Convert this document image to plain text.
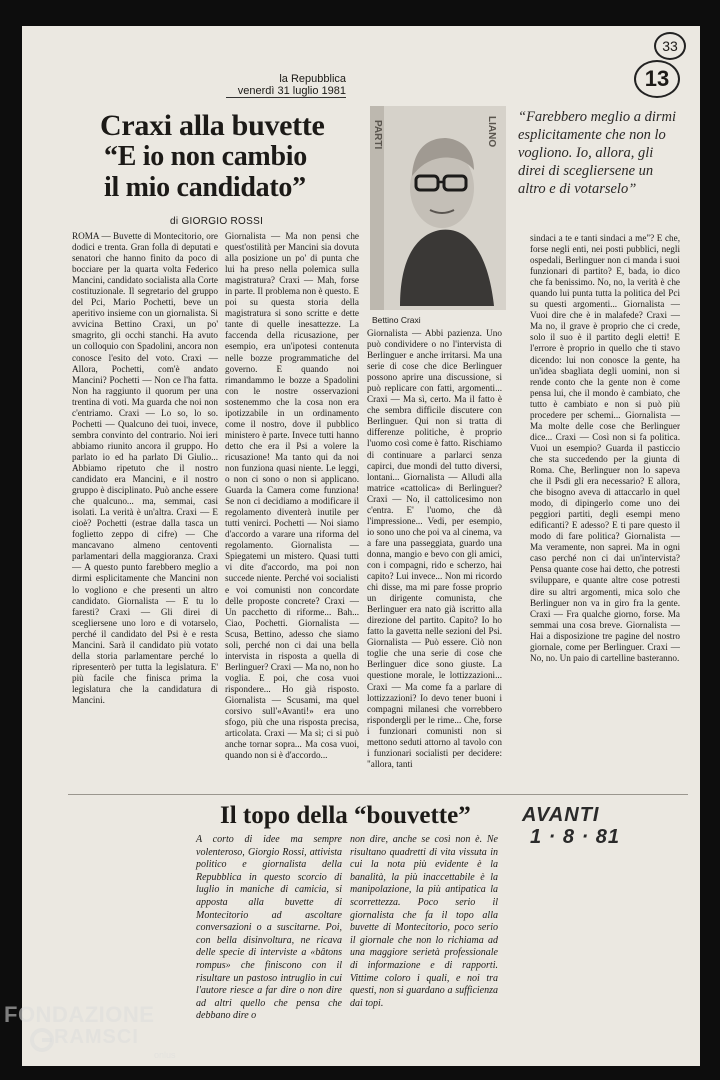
33
13
la Repubblica
venerdì 31 luglio 1981
Craxi alla buvette
“E io non cambio
il mio candidato”
di GIORGIO ROSSI
PARTI	LIANO
Bettino Craxi
“Farebbero meglio a dirmi esplicitamente che non lo vogliono. Io, allora, gli direi di scegliersene un altro e di votarselo”

ROMA — Buvette di Montecitorio, ore dodici e trenta. Gran folla di deputati e senatori che hanno finito da poco di bocciare per la quarta volta Federico Mancini, candidato socialista alla Corte costituzionale. Il segretario del gruppo del Pci, Mario Pochetti, beve un aperitivo insieme con un giornalista. Si avvicina Bettino Craxi, un po' smagrito, gli occhi stanchi. Ha avuto un colloquio con Spadolini, ancora non conosce l'esito del voto. Craxi — Allora, Pochetti, com'è andato Mancini? Pochetti — Non ce l'ha fatta. Non ha raggiunto il quorum per una trentina di voti. Ma guarda che noi non c'entriamo. Craxi — Lo so, lo so. Pochetti — Qualcuno dei tuoi, invece, sembra convinto del contrario. Noi ieri abbiamo riunito ancora il gruppo. Ho parlato io ed ha parlato Di Giulio... Abbiamo ripetuto che il nostro candidato era Mancini, e il nostro gruppo è disciplinato. Può anche essere che qualcuno... ma, semmai, casi isolati. La verità è un'altra. Craxi — E cioè? Pochetti (estrae dalla tasca un foglietto zeppo di cifre) — Che mancavano almeno centoventi parlamentari della maggioranza. Craxi — A questo punto farebbero meglio a dirmi esplicitamente che Mancini non lo vogliono e che presenti un altro candidato. Giornalista — E tu lo faresti? Craxi — Gli direi di scegliersene uno loro e di votarselo, perché il candidato del Psi è e resta Mancini. Sarà il candidato più votato della storia parlamentare perché lo ripresenterò per tutta la legislatura. E' più facile che finisca prima la legislatura che la candidatura di Mancini.

Giornalista — Ma non pensi che quest'ostilità per Mancini sia dovuta alla posizione un po' di punta che lui ha preso nella polemica sulla magistratura? Craxi — Mah, forse in parte. Il problema non è questo. E poi su questa storia della magistratura si sono scritte e dette tante di quelle inesattezze. La faccenda della ricusazione, per esempio, era un'ipotesi contenuta nelle bozze programmatiche del governo. E quando noi rimandammo le bozze a Spadolini con le nostre osservazioni sostenemmo che la cosa non era ipotizzabile in un ordinamento come il nostro, dove il pubblico ministero è parte. Invece tutti hanno detto che era il Psi a volere la ricusazione! Ma tanto qui da noi non funziona quasi niente. Le leggi, o non ci sono o non si applicano. Guarda la Camera come funziona! Se non ci decidiamo a modificare il regolamento diventerà inutile per tutti venirci. Pochetti — Noi siamo d'accordo a varare una riforma del regolamento. Giornalista — Spiegatemi un mistero. Quasi tutti vi dite d'accordo, ma poi non succede niente. Perché voi socialisti e voi comunisti non concordate delle proposte concrete? Craxi — Un pacchetto di riforme... Bah... Ciao, Pochetti. Giornalista — Scusa, Bettino, adesso che siamo soli, perché non ci dai una bella intervista in risposta a quella di Berlinguer? Craxi — Ma no, non ho voglia. E poi, che cosa vuoi rispondere... Ho già risposto. Giornalista — Scusami, ma quel corsivo sull'«Avanti!» era uno sfogo, più che una risposta precisa, articolata. Craxi — Ma sì; ci si può anche tornar sopra... Ma cosa vuoi, quando non si è d'accordo...

Giornalista — Abbi pazienza. Uno può condividere o no l'intervista di Berlinguer e anche irritarsi. Ma una serie di cose che dice Berlinguer possono aprire una discussione, si può replicare con fatti, argomenti... Craxi — Ma sì, certo. Ma il fatto è che sembra difficile discutere con Berlinguer. Qui non si tratta di differenze politiche, è proprio l'uomo così come è fatto. Rischiamo di continuare a parlarci senza capirci, due mondi del tutto diversi, lontani... Giornalista — Alludi alla matrice «cattolica» di Berlinguer? Craxi — No, il cattolicesimo non c'entra. E' l'uomo, che dà l'impressione... Vedi, per esempio, io sono uno che poi va al cinema, va a fare una passeggiata, guardo una donna, mangio e bevo con gli amici, con i compagni, rido e scherzo, hai capito? Lui invece... Non mi ricordo chi disse, ma mi pare fosse proprio un dirigente comunista, che Berlinguer era nato già iscritto alla direzione del partito. Capito? Io ho fatto la gavetta nelle sezioni del Psi. Giornalista — Può essere. Ciò non toglie che una serie di cose che Berlinguer dice sono giuste. La questione morale, le lottizzazioni... Craxi — Ma come fa a parlare di lottizzazioni? Io devo tener buoni i compagni milanesi che vorrebbero rispondergli per le rime... Che, forse i funzionari comunisti non si mettono seduti attorno al tavolo con i funzionari socialisti per decidere: "allora, tanti

sindaci a te e tanti sindaci a me"? E che, forse negli enti, nei posti pubblici, negli ospedali, Berlinguer non ci manda i suoi funzionari di partito? E, bada, io dico che fa benissimo. No, no, la verità è che quando lui punta tutta la politica del Pci su questi argomenti... Giornalista — Vuoi dire che è in malafede? Craxi — Ma no, il grave è proprio che ci crede, solo il suo è il partito degli eletti! E l'errore è proprio in quello che ti stavo dicendo: lui non conosce la gente, ha un'idea sbagliata degli uomini, non si rende conto che la gente non è come pensa lui, che il mondo è cambiato, che tutto è cambiato e non si può più procedere per schemi... Giornalista — Ma molte delle cose che Berlinguer dice... Craxi — Così non si fa politica. Vuoi un esempio? Guarda il pasticcio che sta succedendo per la giunta di Roma. Che, Berlinguer non lo sapeva che il Psdi gli era necessario? E allora, che bisogno aveva di attaccarlo in quel modo, di dipingerlo come uno dei peggiori partiti, degli esempi meno edificanti? E adesso? E ti pare questo il modo di fare politica? Giornalista — Ma veramente, non saprei. Ma in ogni caso perché non ci dai un'intervista? Pensa quante cose hai detto, che potresti sviluppare, e quante altre cose potresti dire su altri argomenti, mica solo che Berlinguer non va in giro fra la gente. Craxi — Fra qualche giorno, forse. Ma semmai una cosa breve. Giornalista — Hai a disposizione tre pagine del nostro giornale, come per Berlinguer. Craxi — No, no. Un paio di cartelline basteranno.

Il topo della “bouvette”	AVANTI
1 · 8 · 81
A corto di idee ma sempre volenteroso, Giorgio Rossi, attivista politico e giornalista della Repubblica in questo scorcio di luglio in maniche di camicia, si apposta alla buvette di Montecitorio ad ascoltare conversazioni o a suscitarne. Poi, con bella disinvoltura, ne ricava delle specie di interviste a «bâtons rompus» che finiscono con il risultare un pastoso intruglio in cui l'autore riesce a far dire o non dire ad altri quello che pensa che debbano dire o
non dire, anche se così non è. Ne risultano quadretti di vita vissuta in cui la nota più evidente è la banalità, la più inaccettabile è la manipolazione, la più antipatica la scorrettezza. Poco serio il giornalista che fa il topo alla buvette di Montecitorio, poco serio il giornale che non lo richiama ad una maggiore serietà professionale di informazione e di rapporti. Vittime coloro i quali, e noi tra questi, non si guardano a sufficienza dai topi.
FONDAZIONE
RAMSCI
onlus
